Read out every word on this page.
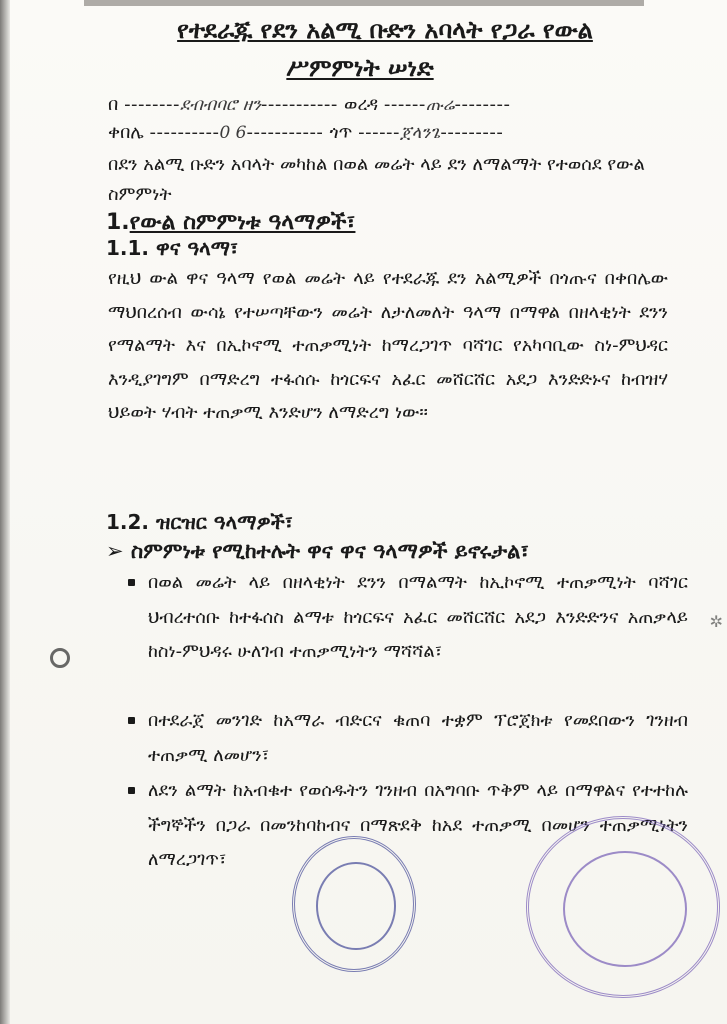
የተደራጁ የደን አልሚ ቡድን አባላት የጋራ የውል
ሥምምነት ሠነድ
በ --------ደብብባሮ ዘን----------- ወረዳ ------ጡሬ--------
ቀበሌ ----------0 6----------- ጎጥ ------ጀላንጌ---------
በደን አልሚ ቡድን አባላት መካከል በወል መሬት ላይ ደን ለማልማት የተወሰደ የውል ስምምነት
1.የውል ስምምነቱ ዓላማዎች፣
1.1. ዋና ዓላማ፣
የዚህ ውል ዋና ዓላማ የወል መሬት ላይ የተደራጁ ደን አልሚዎች በጎጡና በቀበሌው ማህበረሰብ ውሳኔ የተሠጣቸውን መሬት ለታለመለት ዓላማ በማዋል በዘላቂነት ደንን የማልማት እና በኢኮኖሚ ተጠቃሚነት ከማረጋገጥ ባሻገር የአካባቢው ስነ-ምህዳር እንዲያገግም በማድረግ ተፋሰሱ ከጎርፍና አፈር መሸርሸር አደጋ እንድድኑና ከብዝሃ ህይወት ሃብት ተጠቃሚ እንድሆን ለማድረግ ነው፡፡
1.2. ዝርዝር ዓላማዎች፣
➢ ስምምነቱ የሚከተሉት ዋና ዋና ዓላማዎች ይኖሩታል፣
በወል መሬት ላይ በዘላቂነት ደንን በማልማት ከኢኮኖሚ ተጠቃሚነት ባሻገር ህብረተሰቡ ከተፋሰስ ልማቱ ከጎርፍና አፈር መሸርሸር አደጋ እንድድንና አጠቃላይ ከስነ-ምህዳሩ ሁለገብ ተጠቃሚነትን ማሻሻል፣
በተደራጀ መንገድ ከአማራ ብድርና ቁጠባ ተቋም ፕሮጀክቱ የመደበውን ገንዘብ ተጠቃሚ ለመሆን፣
ለደን ልማት ከአብቁተ የወሰዱትን ገንዘብ በአግባቡ ጥቅም ላይ በማዋልና የተተከሉ ችግኞችን በጋራ በመንከባከብና በማጽደቅ ከአደ ተጠቃሚ በመሆን ተጠቃሚነትን ለማረጋገጥ፣
✲
